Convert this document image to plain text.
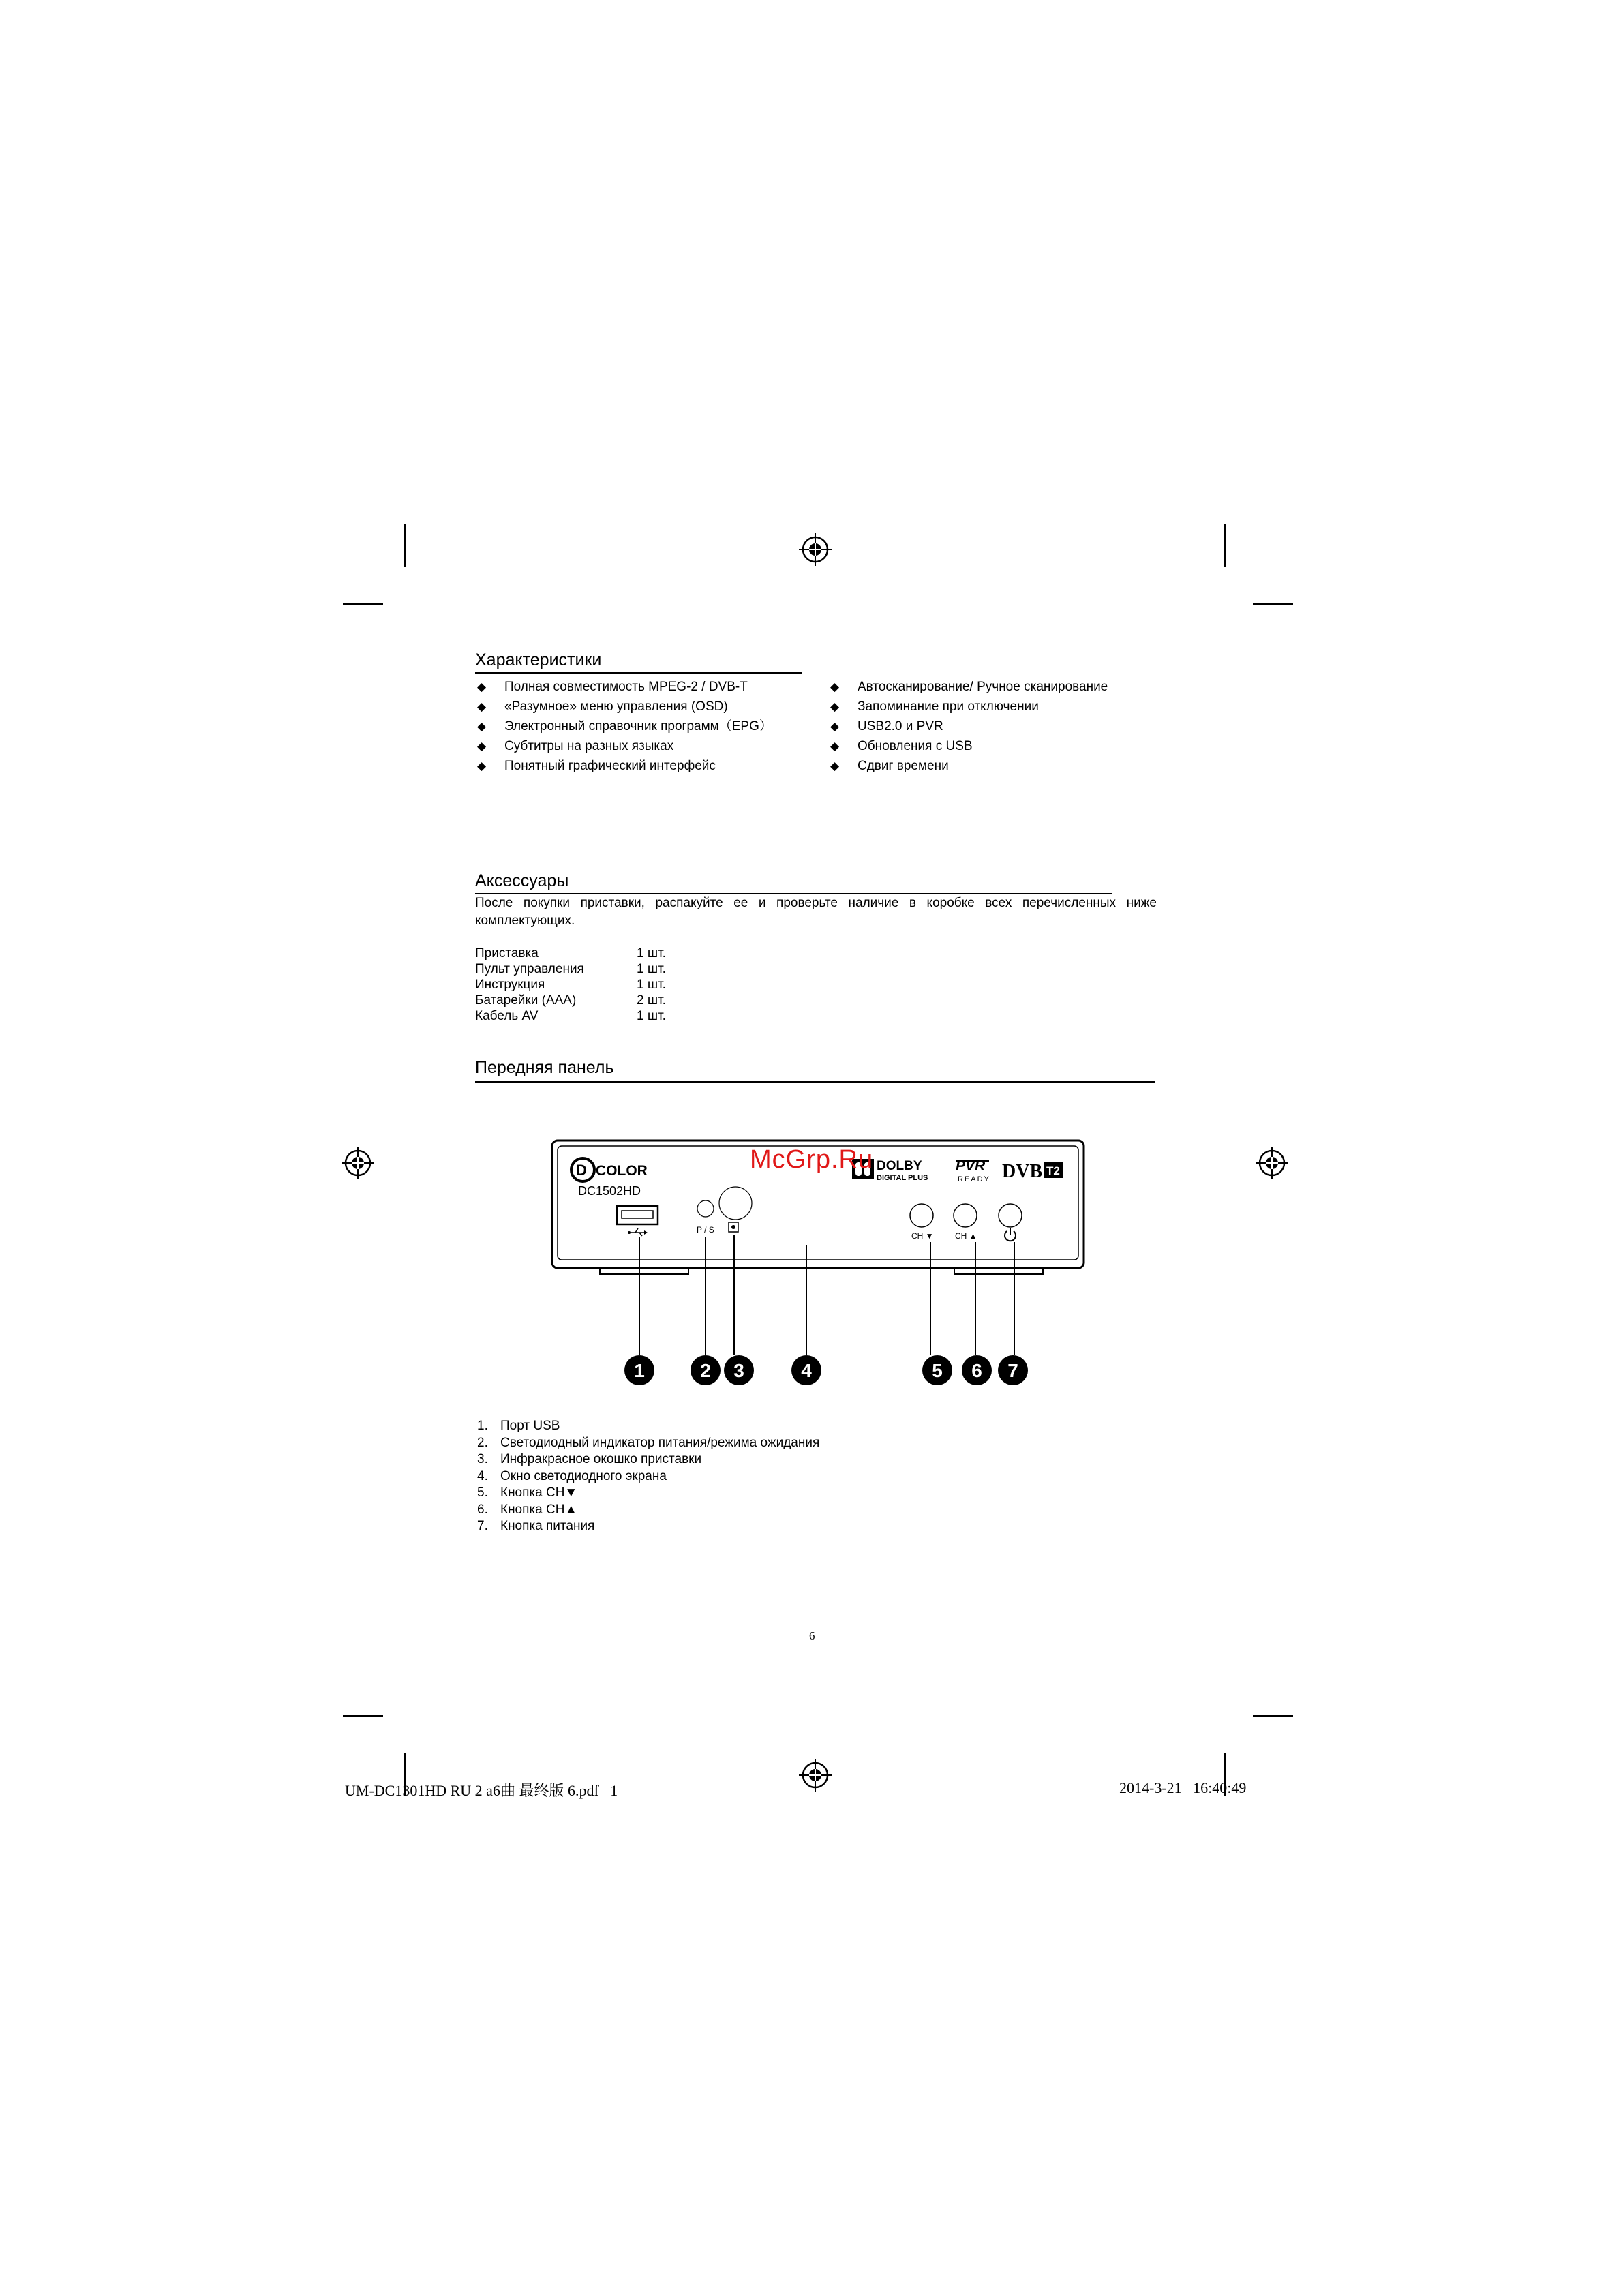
Характеристики
◆ Полная совместимость MPEG-2 / DVB-T
◆ «Разумное» меню управления (OSD)
◆ Электронный справочник программ（EPG）
◆ Субтитры на разных языках
◆ Понятный графический интерфейс
◆ Автосканирование/ Ручное сканирование
◆ Запоминание при отключении
◆ USB2.0 и PVR
◆ Обновления с USB
◆ Сдвиг времени
Аксессуары
После покупки приставки, распакуйте ее и проверьте наличие в коробке всех перечисленных ниже комплектующих.
Приставка	1 шт.
Пульт управления	1 шт.
Инструкция	1 шт.
Батарейки (AAA)	2 шт.
Кабель AV	1 шт.
Передняя панель
D COLOR
DC1502HD
DOLBY
DIGITAL PLUS
PVR
READY DVB T2
P / S
CH ▼	CH ▲
1	2 3	4	5 6 7
McGrp.Ru
1. Порт USB
2. Светодиодный индикатор питания/режима ожидания
3. Инфракрасное окошко приставки
4. Окно светодиодного экрана
5. Кнопка CH▼
6. Кнопка CH▲
7. Кнопка питания
6
UM-DC1301HD RU 2 a6曲 最终版 6.pdf   1	2014-3-21   16:40:49
